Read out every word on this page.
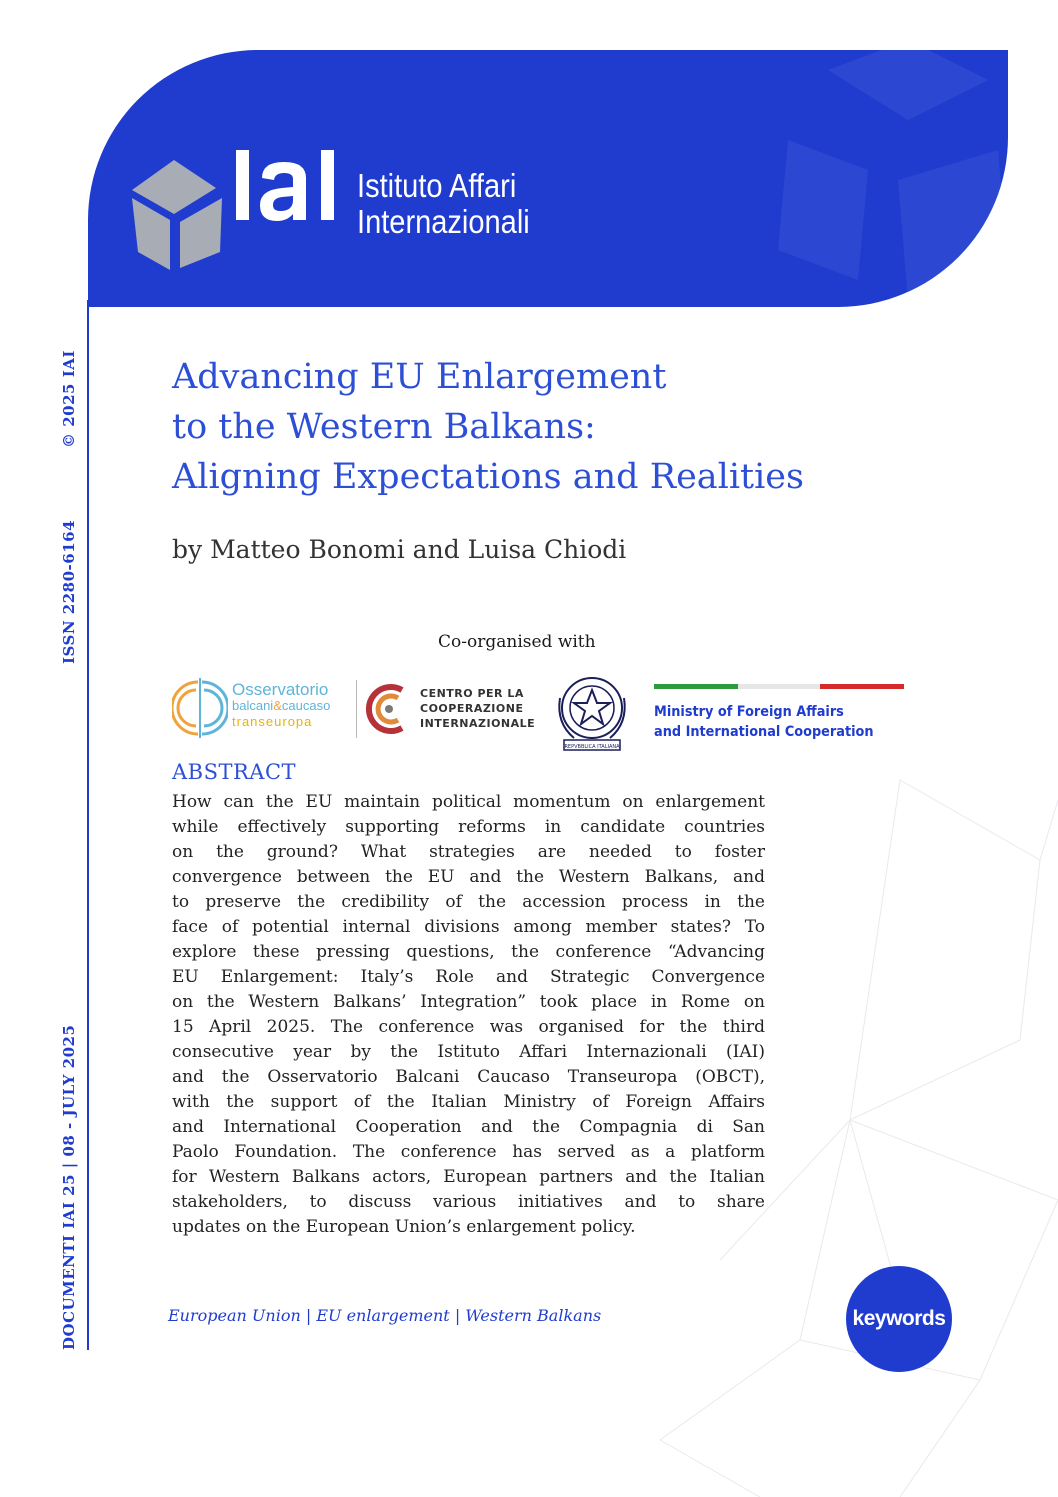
Istituto Affari
Internazionali
© 2025 IAI
ISSN 2280-6164
DOCUMENTI IAI 25 | 08 - JULY 2025
Advancing EU Enlargement
to the Western Balkans:
Aligning Expectations and Realities
by Matteo Bonomi and Luisa Chiodi
Co-organised with
Osservatorio
balcani&caucaso
transeuropa
CENTRO PER LA
COOPERAZIONE
INTERNAZIONALE
REPVBBLICA ITALIANA
Ministry of Foreign Affairs
and International Cooperation
ABSTRACT
How can the EU maintain political momentum on enlargement
while effectively supporting reforms in candidate countries
on the ground? What strategies are needed to foster
convergence between the EU and the Western Balkans, and
to preserve the credibility of the accession process in the
face of potential internal divisions among member states? To
explore these pressing questions, the conference “Advancing
EU Enlargement: Italy’s Role and Strategic Convergence
on the Western Balkans’ Integration” took place in Rome on
15 April 2025. The conference was organised for the third
consecutive year by the Istituto Affari Internazionali (IAI)
and the Osservatorio Balcani Caucaso Transeuropa (OBCT),
with the support of the Italian Ministry of Foreign Affairs
and International Cooperation and the Compagnia di San
Paolo Foundation. The conference has served as a platform
for Western Balkans actors, European partners and the Italian
stakeholders, to discuss various initiatives and to share
updates on the European Union’s enlargement policy.
European Union | EU enlargement | Western Balkans	keywords
